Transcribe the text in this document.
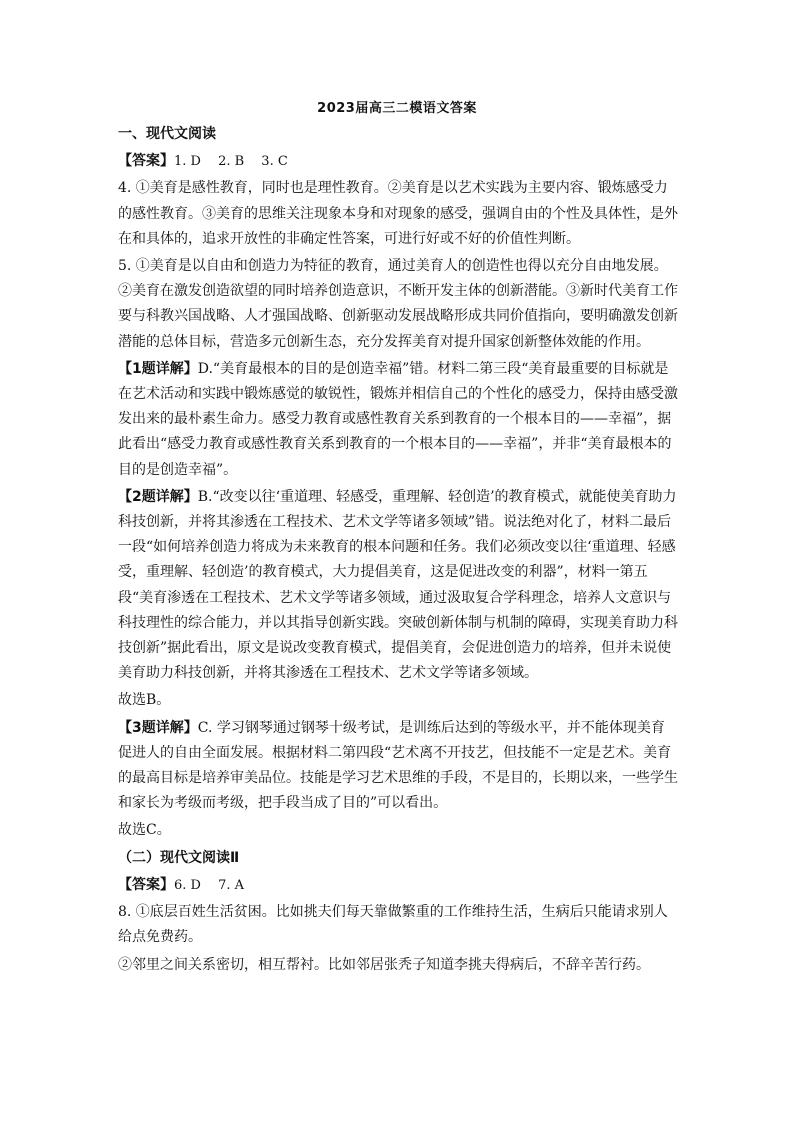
2023届高三二模语文答案

一、现代文阅读

【答案】1. D　 2. B　 3. C

4. ①美育是感性教育，同时也是理性教育。②美育是以艺术实践为主要内容、锻炼感受力的感性教育。③美育的思维关注现象本身和对现象的感受，强调自由的个性及具体性，是外在和具体的，追求开放性的非确定性答案，可进行好或不好的价值性判断。

5. ①美育是以自由和创造力为特征的教育，通过美育人的创造性也得以充分自由地发展。②美育在激发创造欲望的同时培养创造意识，不断开发主体的创新潜能。③新时代美育工作要与科教兴国战略、人才强国战略、创新驱动发展战略形成共同价值指向，要明确激发创新潜能的总体目标，营造多元创新生态，充分发挥美育对提升国家创新整体效能的作用。

【1题详解】D.“美育最根本的目的是创造幸福”错。材料二第三段“美育最重要的目标就是在艺术活动和实践中锻炼感觉的敏锐性，锻炼并相信自己的个性化的感受力，保持由感受激发出来的最朴素生命力。感受力教育或感性教育关系到教育的一个根本目的——幸福”，据此看出“感受力教育或感性教育关系到教育的一个根本目的——幸福”，并非“美育最根本的目的是创造幸福”。

【2题详解】B.“改变以往‘重道理、轻感受，重理解、轻创造’的教育模式，就能使美育助力科技创新，并将其渗透在工程技术、艺术文学等诸多领域”错。说法绝对化了，材料二最后一段“如何培养创造力将成为未来教育的根本问题和任务。我们必须改变以往‘重道理、轻感受，重理解、轻创造’的教育模式，大力提倡美育，这是促进改变的利器”，材料一第五段“美育渗透在工程技术、艺术文学等诸多领域，通过汲取复合学科理念，培养人文意识与科技理性的综合能力，并以其指导创新实践。突破创新体制与机制的障碍，实现美育助力科技创新”据此看出，原文是说改变教育模式，提倡美育，会促进创造力的培养，但并未说使美育助力科技创新，并将其渗透在工程技术、艺术文学等诸多领域。

故选B。

【3题详解】C. 学习钢琴通过钢琴十级考试，是训练后达到的等级水平，并不能体现美育促进人的自由全面发展。根据材料二第四段“艺术离不开技艺，但技能不一定是艺术。美育的最高目标是培养审美品位。技能是学习艺术思维的手段，不是目的，长期以来，一些学生和家长为考级而考级，把手段当成了目的”可以看出。

故选C。

（二）现代文阅读Ⅱ

【答案】6. D　 7. A

8. ①底层百姓生活贫困。比如挑夫们每天靠做繁重的工作维持生活，生病后只能请求别人给点免费药。

②邻里之间关系密切，相互帮衬。比如邻居张秃子知道李挑夫得病后，不辞辛苦行药。
